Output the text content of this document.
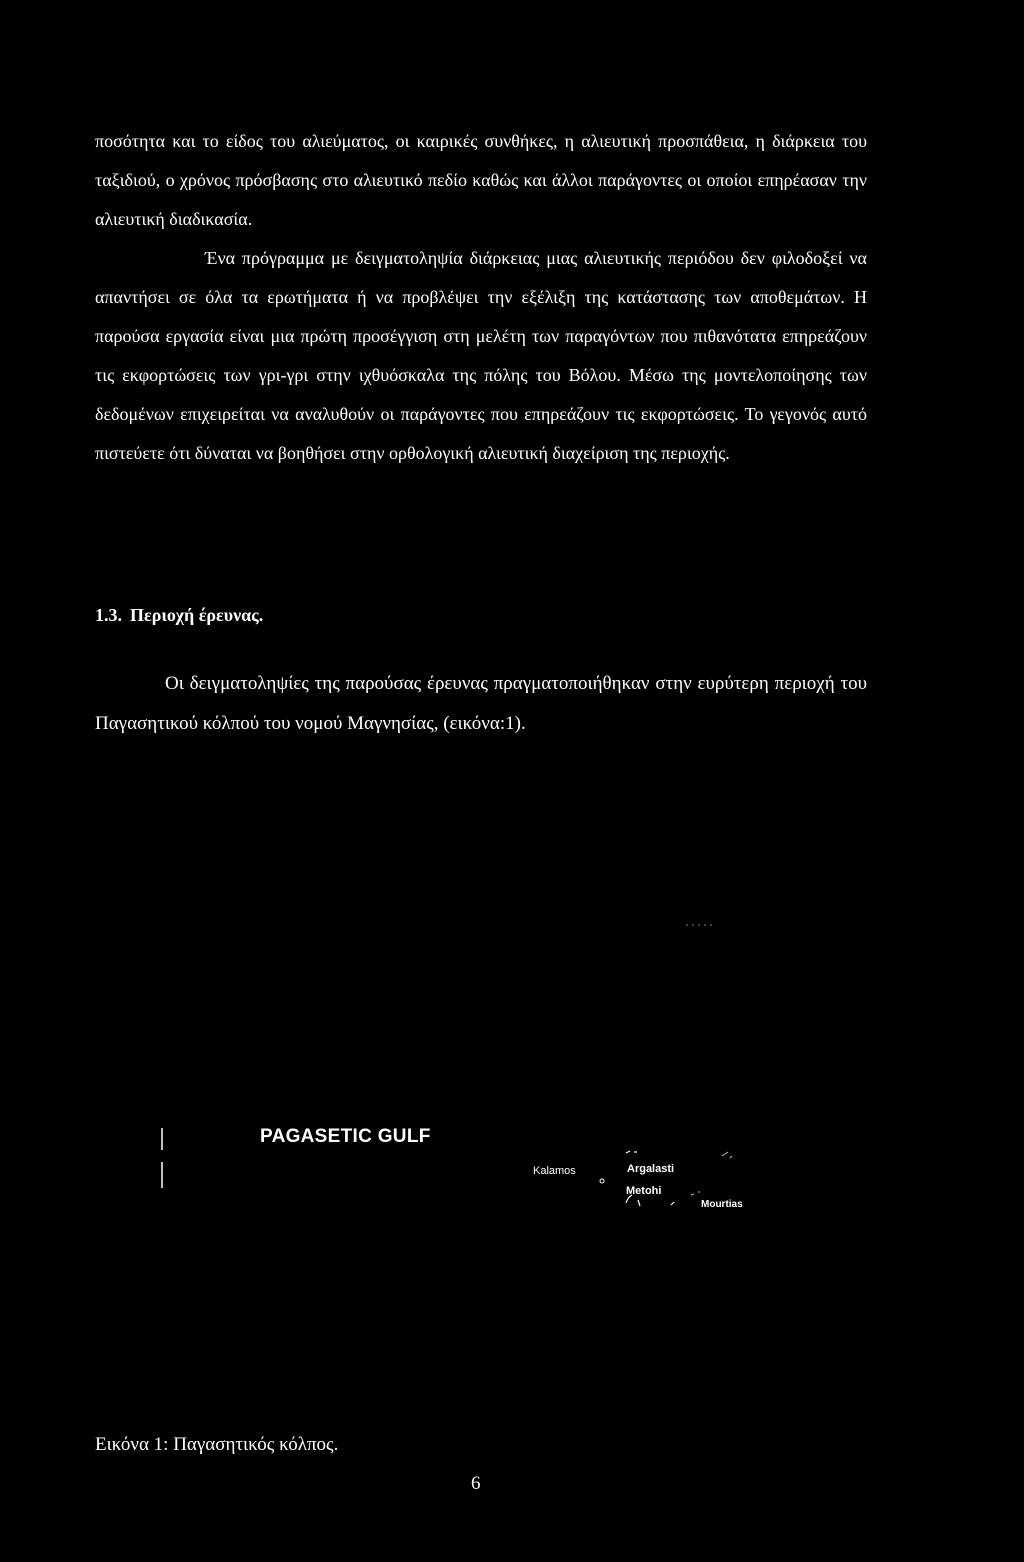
ποσότητα και το είδος του αλιεύματος, οι καιρικές συνθήκες, η αλιευτική προσπάθεια, η διάρκεια του ταξιδιού, ο χρόνος πρόσβασης στο αλιευτικό πεδίο καθώς και άλλοι παράγοντες οι οποίοι επηρέασαν την αλιευτική διαδικασία.

Ένα πρόγραμμα με δειγματοληψία διάρκειας μιας αλιευτικής περιόδου δεν φιλοδοξεί να απαντήσει σε όλα τα ερωτήματα ή να προβλέψει την εξέλιξη της κατάστασης των αποθεμάτων. Η παρούσα εργασία είναι μια πρώτη προσέγγιση στη μελέτη των παραγόντων που πιθανότατα επηρεάζουν τις εκφορτώσεις των γρι-γρι στην ιχθυόσκαλα της πόλης του Βόλου. Μέσω της μοντελοποίησης των δεδομένων επιχειρείται να αναλυθούν οι παράγοντες που επηρεάζουν τις εκφορτώσεις. Το γεγονός αυτό πιστεύετε ότι δύναται να βοηθήσει στην ορθολογική αλιευτική διαχείριση της περιοχής.

1.3. Περιοχή έρευνας.

Οι δειγματοληψίες της παρούσας έρευνας πραγματοποιήθηκαν στην ευρύτερη περιοχή του Παγασητικού κόλπού του νομού Μαγνησίας, (εικόνα:1).

PAGASETIC GULF
Kalamos	Argalasti
Metohi
Mourtias

Εικόνα 1: Παγασητικός κόλπος.

6
